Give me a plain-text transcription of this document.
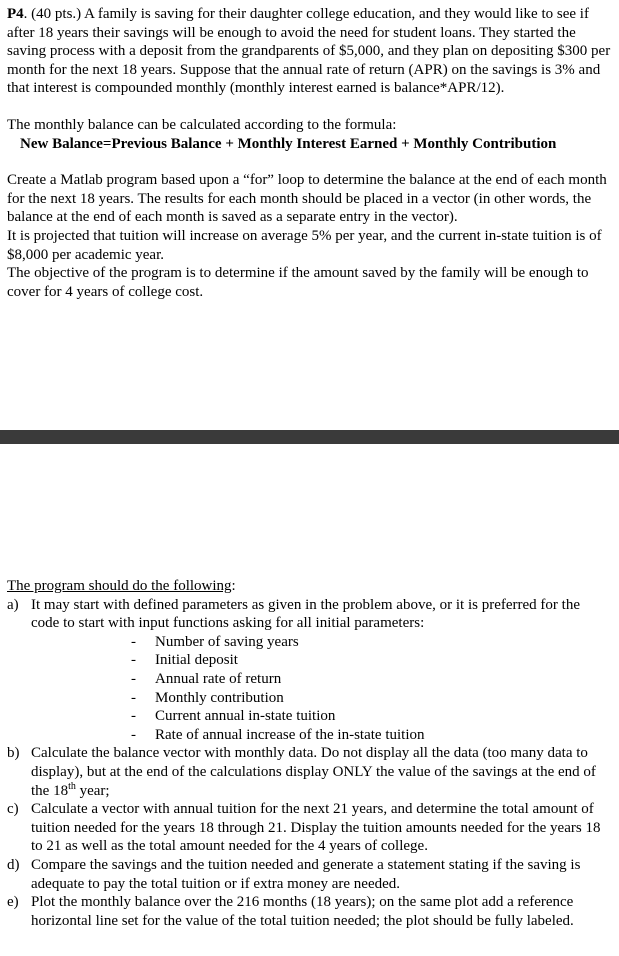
P4. (40 pts.) A family is saving for their daughter college education, and they would like to see if after 18 years their savings will be enough to avoid the need for student loans. They started the saving process with a deposit from the grandparents of $5,000, and they plan on depositing $300 per month for the next 18 years. Suppose that the annual rate of return (APR) on the savings is 3% and that interest is compounded monthly (monthly interest earned is balance*APR/12).

The monthly balance can be calculated according to the formula:

New Balance=Previous Balance + Monthly Interest Earned + Monthly Contribution

Create a Matlab program based upon a “for” loop to determine the balance at the end of each month for the next 18 years. The results for each month should be placed in a vector (in other words, the balance at the end of each month is saved as a separate entry in the vector).

It is projected that tuition will increase on average 5% per year, and the current in-state tuition is of $8,000 per academic year.

The objective of the program is to determine if the amount saved by the family will be enough to cover for 4 years of college cost.

The program should do the following:

a) It may start with defined parameters as given in the problem above, or it is preferred for the code to start with input functions asking for all initial parameters:
- Number of saving years
- Initial deposit
- Annual rate of return
- Monthly contribution
- Current annual in-state tuition
- Rate of annual increase of the in-state tuition
b) Calculate the balance vector with monthly data. Do not display all the data (too many data to display), but at the end of the calculations display ONLY the value of the savings at the end of the 18th year;
c) Calculate a vector with annual tuition for the next 21 years, and determine the total amount of tuition needed for the years 18 through 21. Display the tuition amounts needed for the years 18 to 21 as well as the total amount needed for the 4 years of college.
d) Compare the savings and the tuition needed and generate a statement stating if the saving is adequate to pay the total tuition or if extra money are needed.
e) Plot the monthly balance over the 216 months (18 years); on the same plot add a reference horizontal line set for the value of the total tuition needed; the plot should be fully labeled.
